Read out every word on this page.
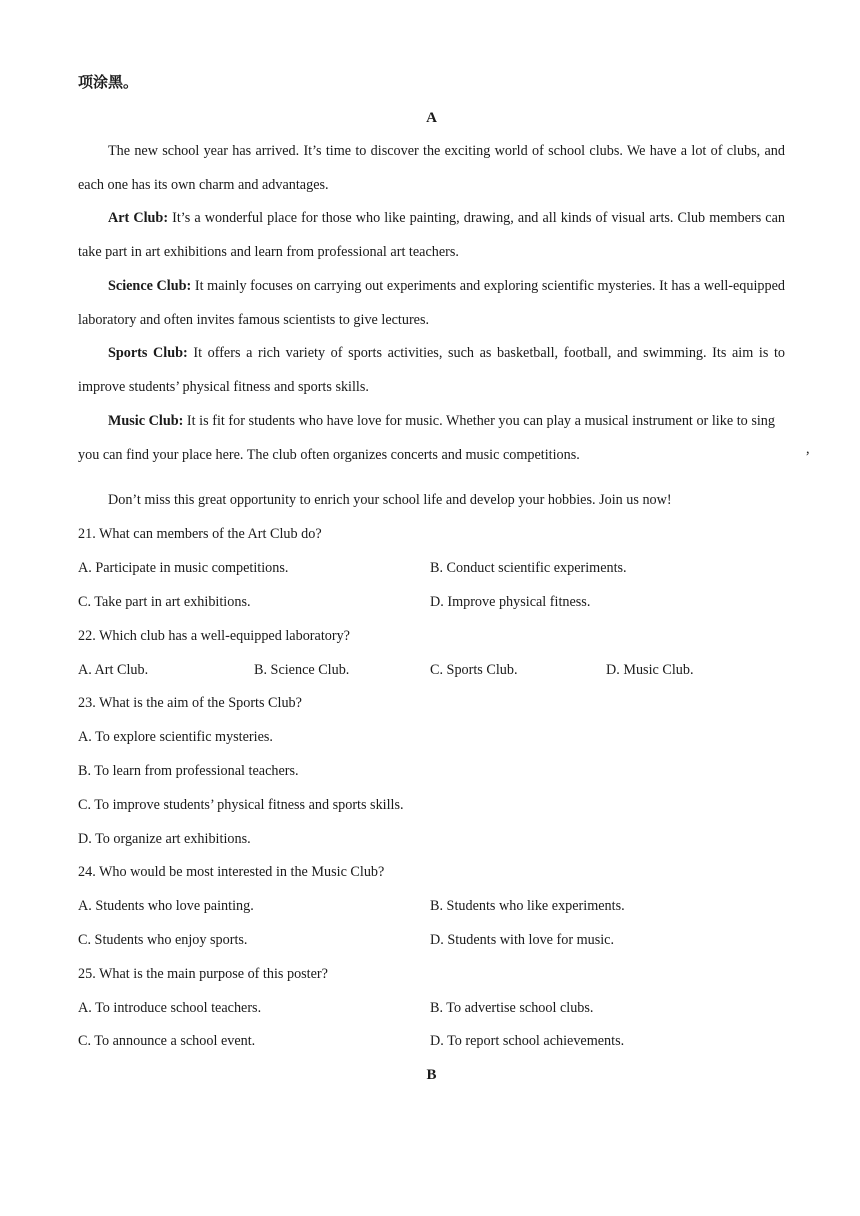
项涂黑。
A
The new school year has arrived. It’s time to discover the exciting world of school clubs. We have a lot of clubs, and each one has its own charm and advantages.
Art Club: It’s a wonderful place for those who like painting, drawing, and all kinds of visual arts. Club members can take part in art exhibitions and learn from professional art teachers.
Science Club: It mainly focuses on carrying out experiments and exploring scientific mysteries. It has a well-equipped laboratory and often invites famous scientists to give lectures.
Sports Club: It offers a rich variety of sports activities, such as basketball, football, and swimming. Its aim is to improve students’ physical fitness and sports skills.
Music Club: It is fit for students who have love for music. Whether you can play a musical instrument or like to sing
,
you can find your place here. The club often organizes concerts and music competitions.
Don’t miss this great opportunity to enrich your school life and develop your hobbies. Join us now!
21. What can members of the Art Club do?
A. Participate in music competitions.	B. Conduct scientific experiments.
C. Take part in art exhibitions.	D. Improve physical fitness.
22. Which club has a well-equipped laboratory?
A. Art Club.	B. Science Club.	C. Sports Club.	D. Music Club.
23. What is the aim of the Sports Club?
A. To explore scientific mysteries.
B. To learn from professional teachers.
C. To improve students’ physical fitness and sports skills.
D. To organize art exhibitions.
24. Who would be most interested in the Music Club?
A. Students who love painting.	B. Students who like experiments.
C. Students who enjoy sports.	D. Students with love for music.
25. What is the main purpose of this poster?
A. To introduce school teachers.	B. To advertise school clubs.
C. To announce a school event.	D. To report school achievements.
B
